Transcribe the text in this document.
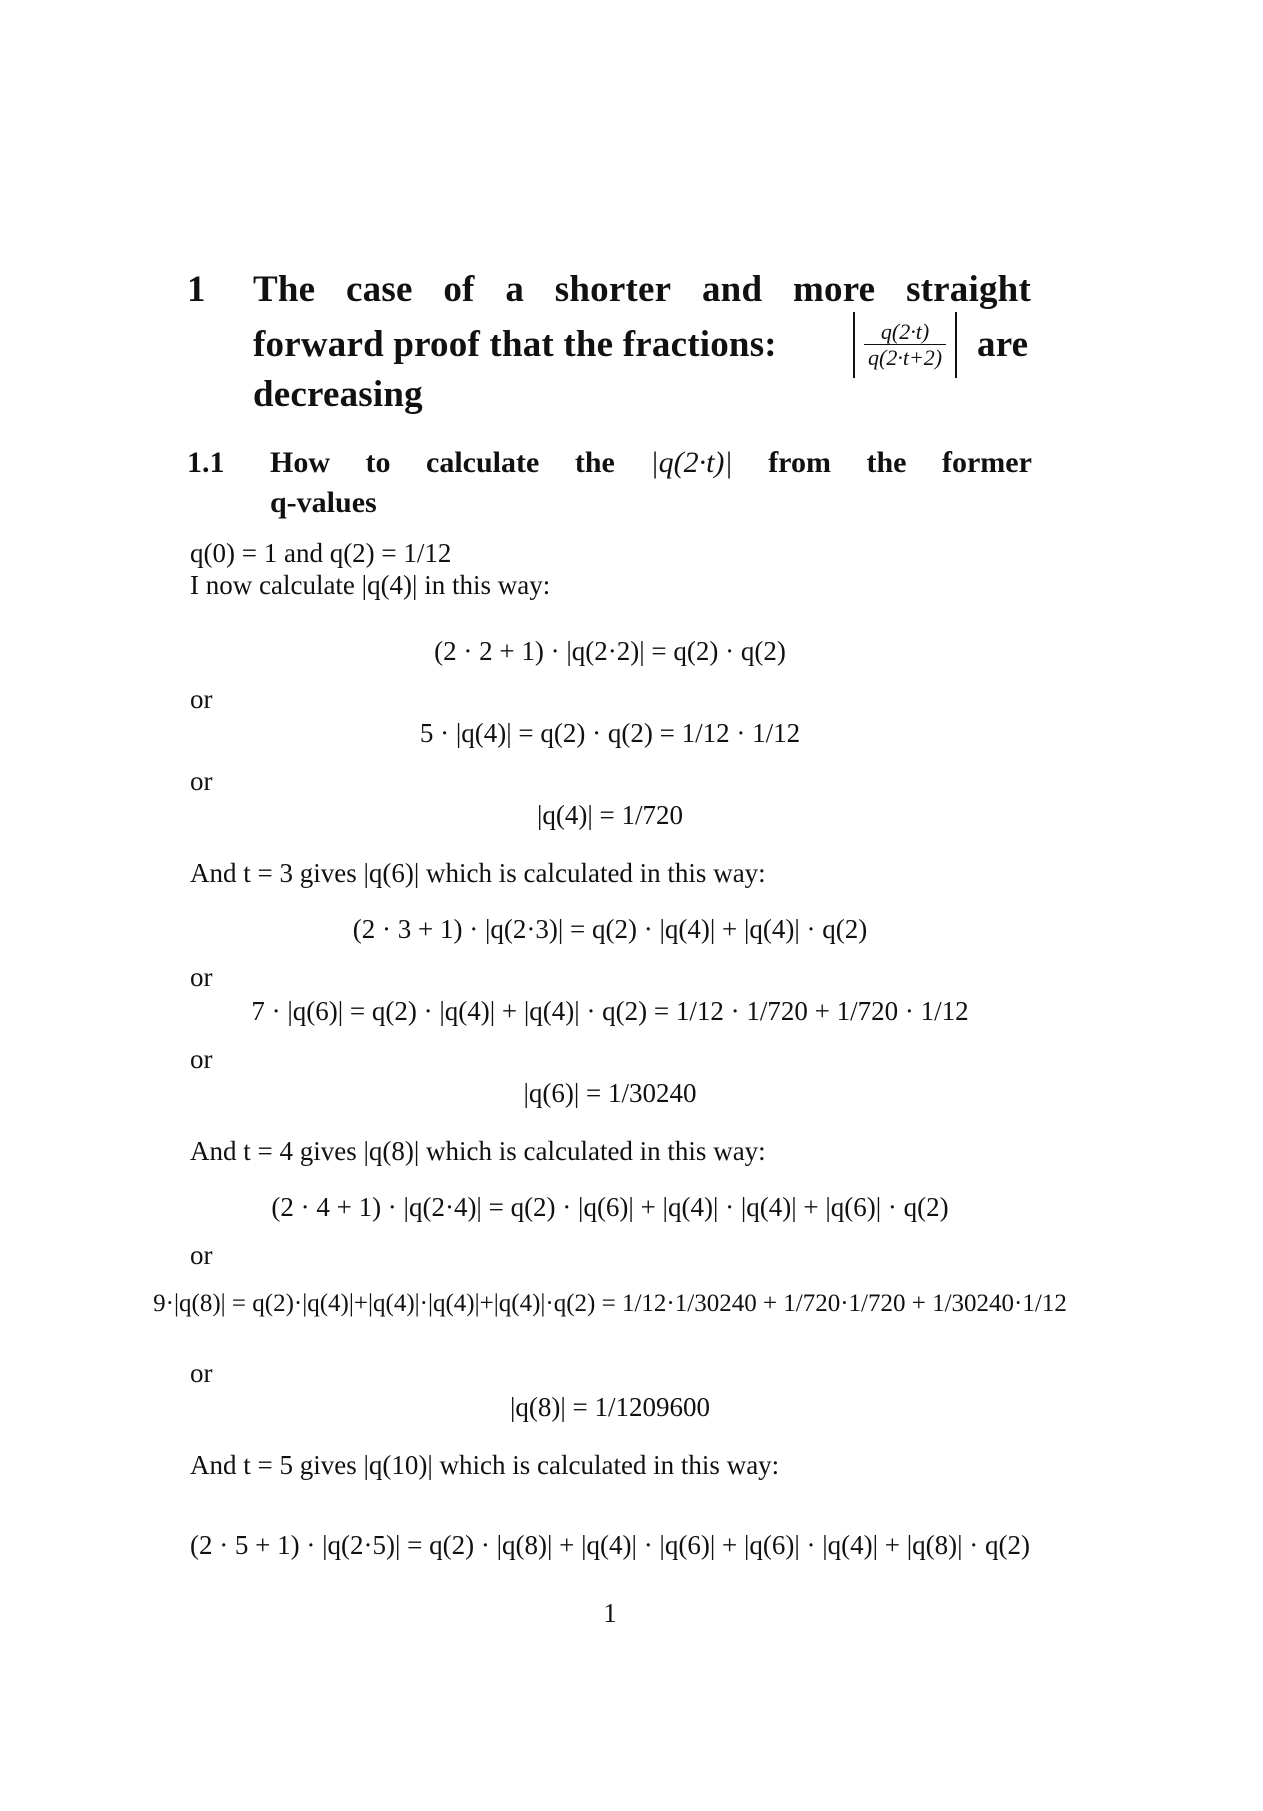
1 The case of a shorter and more straight
forward proof that the fractions:	$\frac{q(2\cdot t)}{q(2\cdot t+2)}$ are
decreasing
1.1 How to calculate the |q(2·t)| from the former
q-values
q(0) = 1 and q(2) = 1/12
I now calculate |q(4)| in this way:
(2 · 2 + 1) · |q(2·2)| = q(2) · q(2)
or
5 · |q(4)| = q(2) · q(2) = 1/12 · 1/12
or
|q(4)| = 1/720
And t = 3 gives |q(6)| which is calculated in this way:
(2 · 3 + 1) · |q(2·3)| = q(2) · |q(4)| + |q(4)| · q(2)
or
7 · |q(6)| = q(2) · |q(4)| + |q(4)| · q(2) = 1/12 · 1/720 + 1/720 · 1/12
or
|q(6)| = 1/30240
And t = 4 gives |q(8)| which is calculated in this way:
(2 · 4 + 1) · |q(2·4)| = q(2) · |q(6)| + |q(4)| · |q(4)| + |q(6)| · q(2)
or
9·|q(8)| = q(2)·|q(4)|+|q(4)|·|q(4)|+|q(4)|·q(2) = 1/12·1/30240 + 1/720·1/720 + 1/30240·1/12
or
|q(8)| = 1/1209600
And t = 5 gives |q(10)| which is calculated in this way:
(2 · 5 + 1) · |q(2·5)| = q(2) · |q(8)| + |q(4)| · |q(6)| + |q(6)| · |q(4)| + |q(8)| · q(2)
1
